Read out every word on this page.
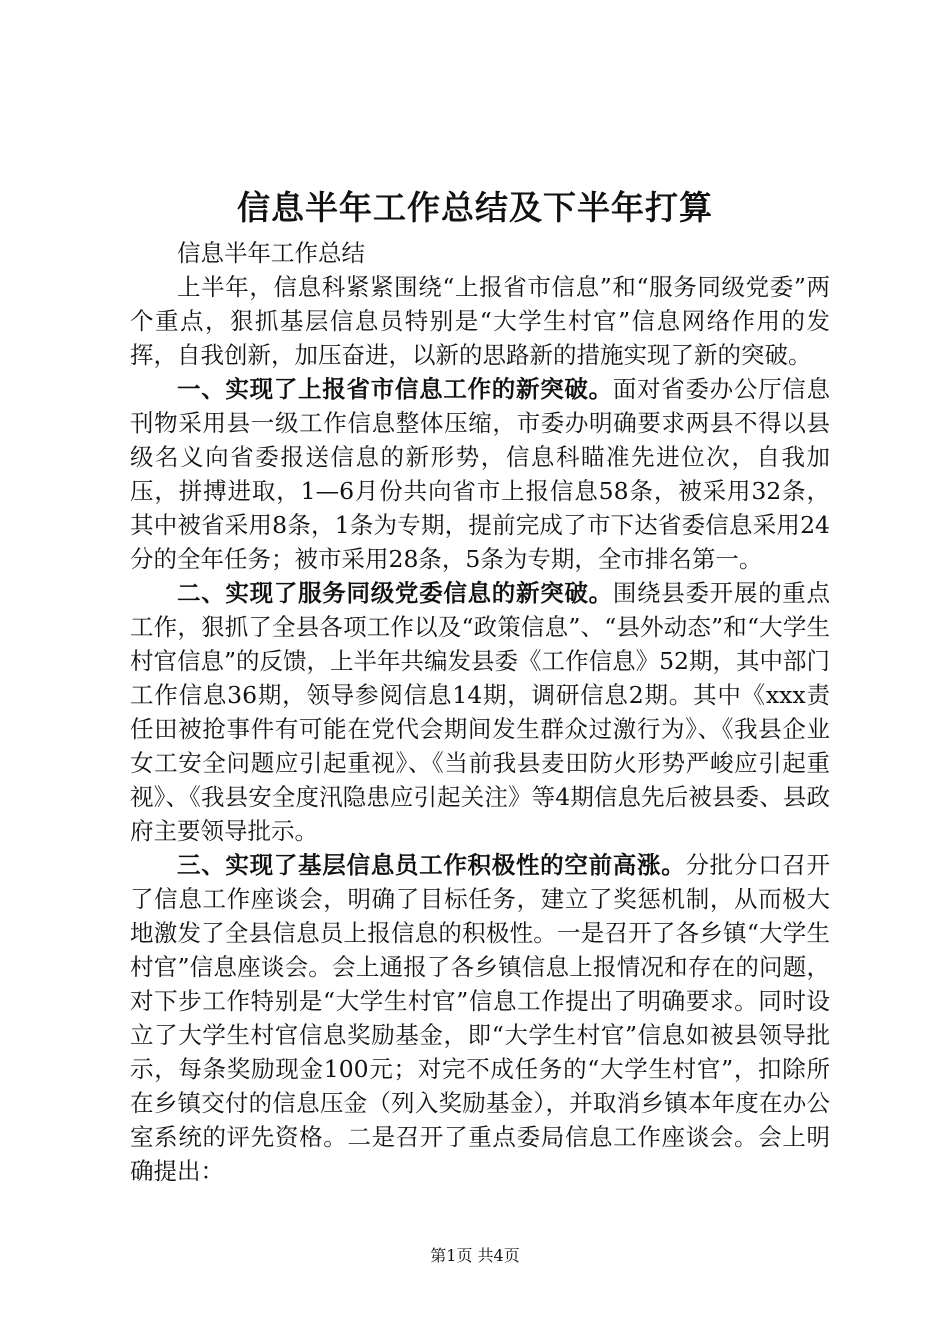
信息半年工作总结及下半年打算

信息半年工作总结

上半年，信息科紧紧围绕“上报省市信息”和“服务同级党委”两个重点，狠抓基层信息员特别是“大学生村官”信息网络作用的发挥，自我创新，加压奋进，以新的思路新的措施实现了新的突破。

一、实现了上报省市信息工作的新突破。面对省委办公厅信息刊物采用县一级工作信息整体压缩，市委办明确要求两县不得以县级名义向省委报送信息的新形势，信息科瞄准先进位次，自我加压，拼搏进取，1—6月份共向省市上报信息58条，被采用32条，其中被省采用8条，1条为专期，提前完成了市下达省委信息采用24分的全年任务；被市采用28条，5条为专期，全市排名第一。

二、实现了服务同级党委信息的新突破。围绕县委开展的重点工作，狠抓了全县各项工作以及“政策信息”、“县外动态”和“大学生村官信息”的反馈，上半年共编发县委《工作信息》52期，其中部门工作信息36期，领导参阅信息14期，调研信息2期。其中《xxx责任田被抢事件有可能在党代会期间发生群众过激行为》、《我县企业女工安全问题应引起重视》、《当前我县麦田防火形势严峻应引起重视》、《我县安全度汛隐患应引起关注》等4期信息先后被县委、县政府主要领导批示。

三、实现了基层信息员工作积极性的空前高涨。分批分口召开了信息工作座谈会，明确了目标任务，建立了奖惩机制，从而极大地激发了全县信息员上报信息的积极性。一是召开了各乡镇“大学生村官”信息座谈会。会上通报了各乡镇信息上报情况和存在的问题，对下步工作特别是“大学生村官”信息工作提出了明确要求。同时设立了大学生村官信息奖励基金，即“大学生村官”信息如被县领导批示，每条奖励现金100元；对完不成任务的“大学生村官”，扣除所在乡镇交付的信息压金（列入奖励基金），并取消乡镇本年度在办公室系统的评先资格。二是召开了重点委局信息工作座谈会。会上明确提出：

第1页 共4页
